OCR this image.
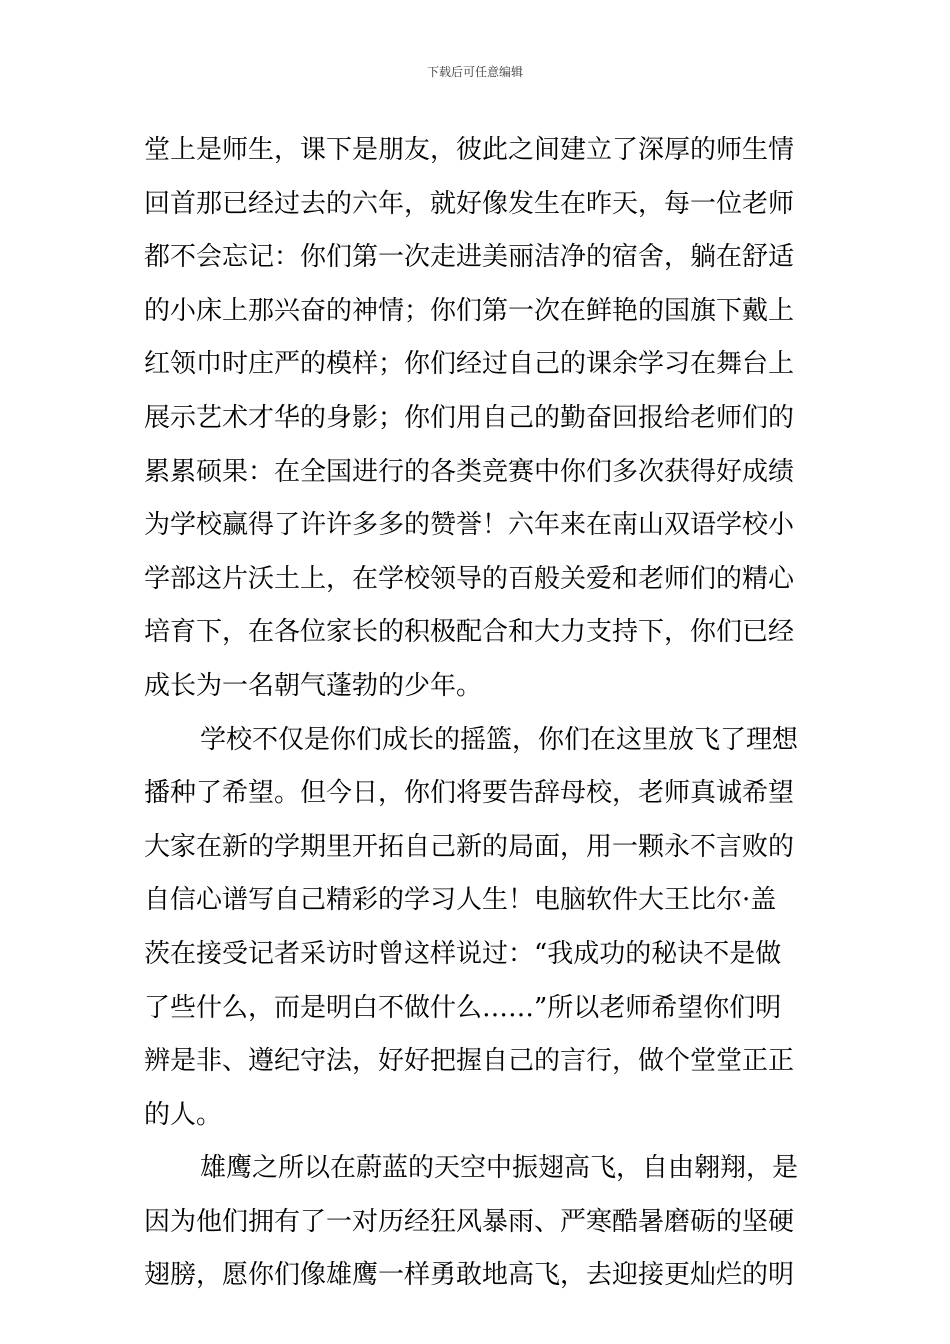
下载后可任意编辑
堂上是师生，课下是朋友，彼此之间建立了深厚的师生情
回首那已经过去的六年，就好像发生在昨天，每一位老师
都不会忘记：你们第一次走进美丽洁净的宿舍，躺在舒适
的小床上那兴奋的神情；你们第一次在鲜艳的国旗下戴上
红领巾时庄严的模样；你们经过自己的课余学习在舞台上
展示艺术才华的身影；你们用自己的勤奋回报给老师们的
累累硕果：在全国进行的各类竞赛中你们多次获得好成绩
为学校赢得了许许多多的赞誉！六年来在南山双语学校小
学部这片沃土上，在学校领导的百般关爱和老师们的精心
培育下，在各位家长的积极配合和大力支持下，你们已经
成长为一名朝气蓬勃的少年。
学校不仅是你们成长的摇篮，你们在这里放飞了理想
播种了希望。但今日，你们将要告辞母校，老师真诚希望
大家在新的学期里开拓自己新的局面，用一颗永不言败的
自信心谱写自己精彩的学习人生！电脑软件大王比尔·盖
茨在接受记者采访时曾这样说过：“我成功的秘诀不是做
了些什么，而是明白不做什么……”所以老师希望你们明
辨是非、遵纪守法，好好把握自己的言行，做个堂堂正正
的人。
雄鹰之所以在蔚蓝的天空中振翅高飞，自由翱翔，是
因为他们拥有了一对历经狂风暴雨、严寒酷暑磨砺的坚硬
翅膀，愿你们像雄鹰一样勇敢地高飞，去迎接更灿烂的明
